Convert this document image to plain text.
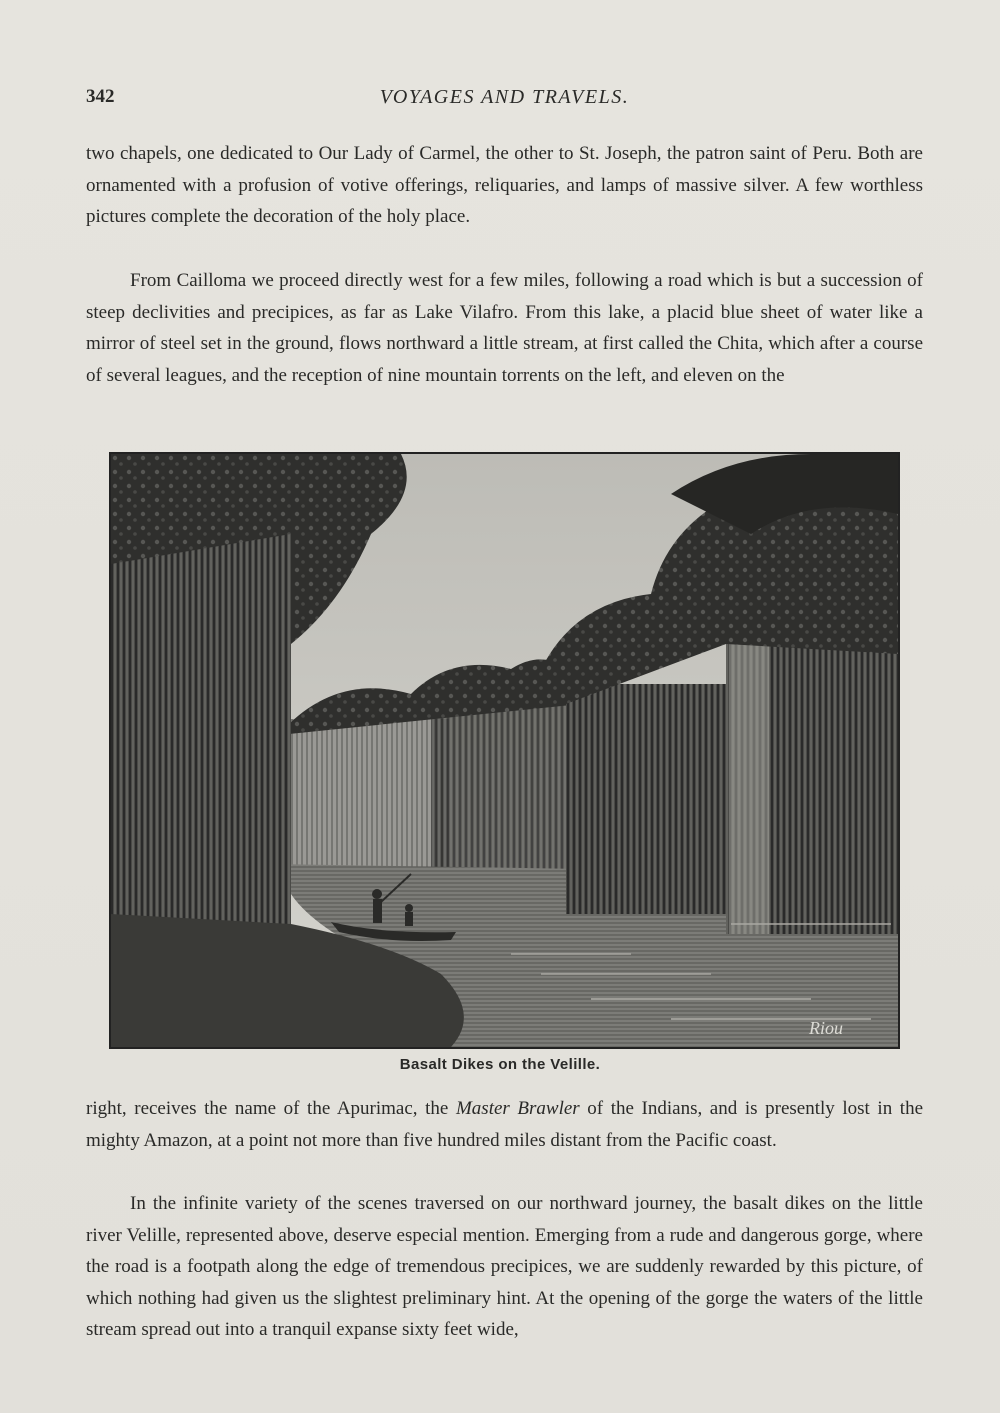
342	VOYAGES AND TRAVELS.

two chapels, one dedicated to Our Lady of Carmel, the other to St. Joseph, the patron saint of Peru. Both are ornamented with a profusion of votive offerings, reliquaries, and lamps of massive silver. A few worthless pictures complete the decoration of the holy place.

From Cailloma we proceed directly west for a few miles, following a road which is but a succession of steep declivities and precipices, as far as Lake Vilafro. From this lake, a placid blue sheet of water like a mirror of steel set in the ground, flows northward a little stream, at first called the Chita, which after a course of several leagues, and the reception of nine mountain torrents on the left, and eleven on the

Riou
Basalt Dikes on the Velille.

right, receives the name of the Apurimac, the Master Brawler of the Indians, and is presently lost in the mighty Amazon, at a point not more than five hundred miles distant from the Pacific coast.

In the infinite variety of the scenes traversed on our northward journey, the basalt dikes on the little river Velille, represented above, deserve especial mention. Emerging from a rude and dangerous gorge, where the road is a footpath along the edge of tremendous precipices, we are suddenly rewarded by this picture, of which nothing had given us the slightest preliminary hint. At the opening of the gorge the waters of the little stream spread out into a tranquil expanse sixty feet wide,
